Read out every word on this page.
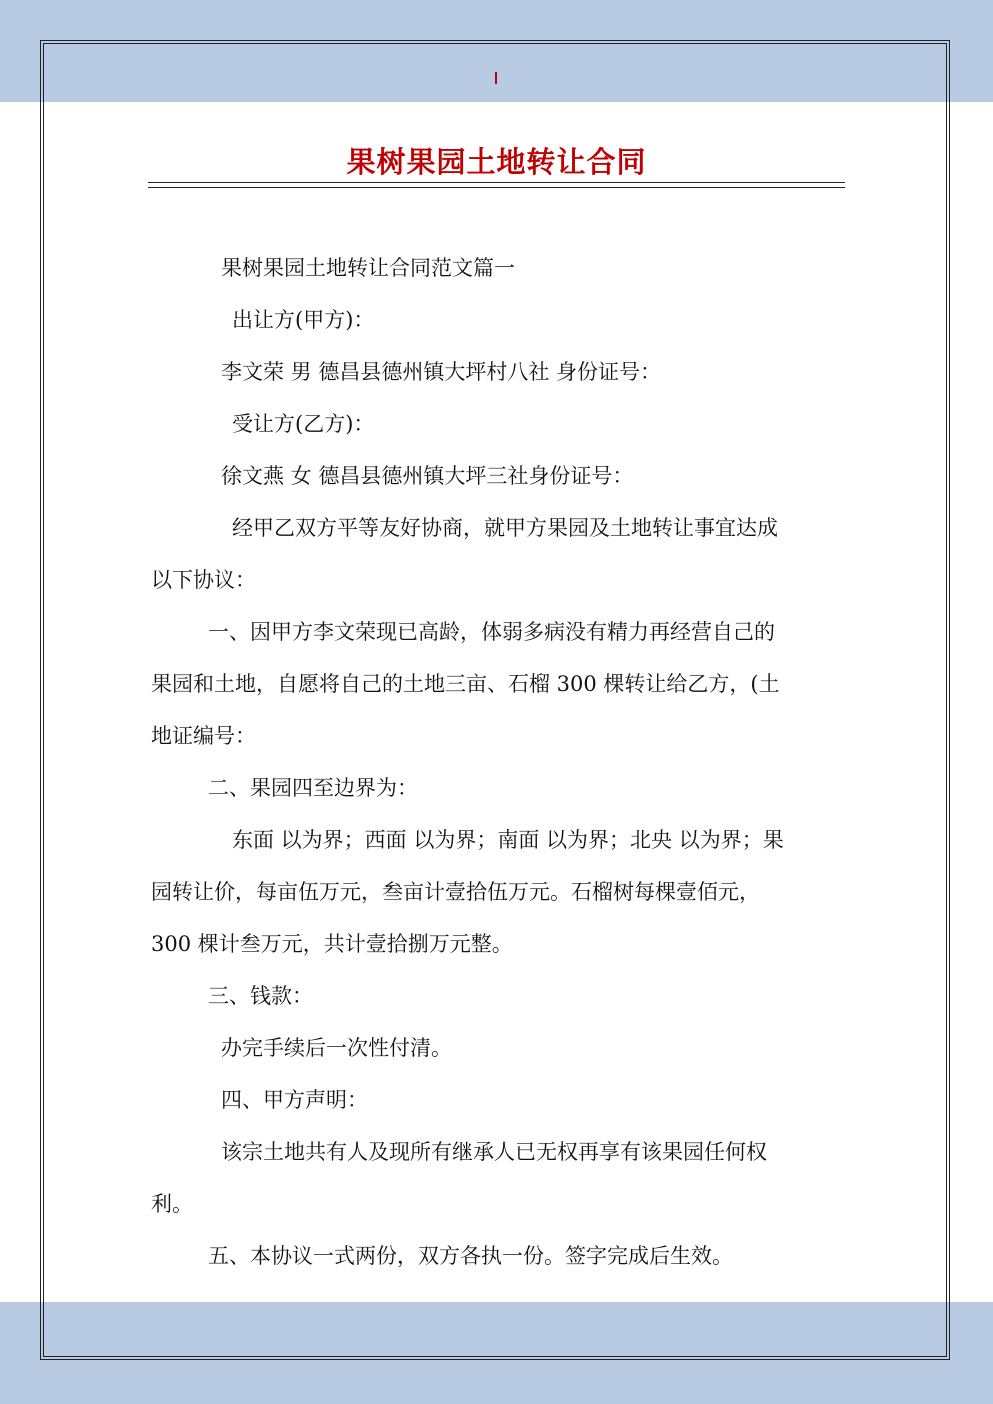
果树果园土地转让合同
果树果园土地转让合同范文篇一
出让方(甲方)：
李文荣 男 德昌县德州镇大坪村八社 身份证号：
受让方(乙方)：
徐文燕 女 德昌县德州镇大坪三社身份证号：
经甲乙双方平等友好协商，就甲方果园及土地转让事宜达成
以下协议：
一、因甲方李文荣现已高龄，体弱多病没有精力再经营自己的
果园和土地，自愿将自己的土地三亩、石榴 300 棵转让给乙方，(土
地证编号：
二、果园四至边界为：
东面 以为界；西面 以为界；南面 以为界；北央 以为界；果
园转让价，每亩伍万元，叁亩计壹拾伍万元。石榴树每棵壹佰元，
300 棵计叁万元，共计壹拾捌万元整。
三、钱款：
办完手续后一次性付清。
四、甲方声明：
该宗土地共有人及现所有继承人已无权再享有该果园任何权
利。
五、本协议一式两份，双方各执一份。签字完成后生效。
